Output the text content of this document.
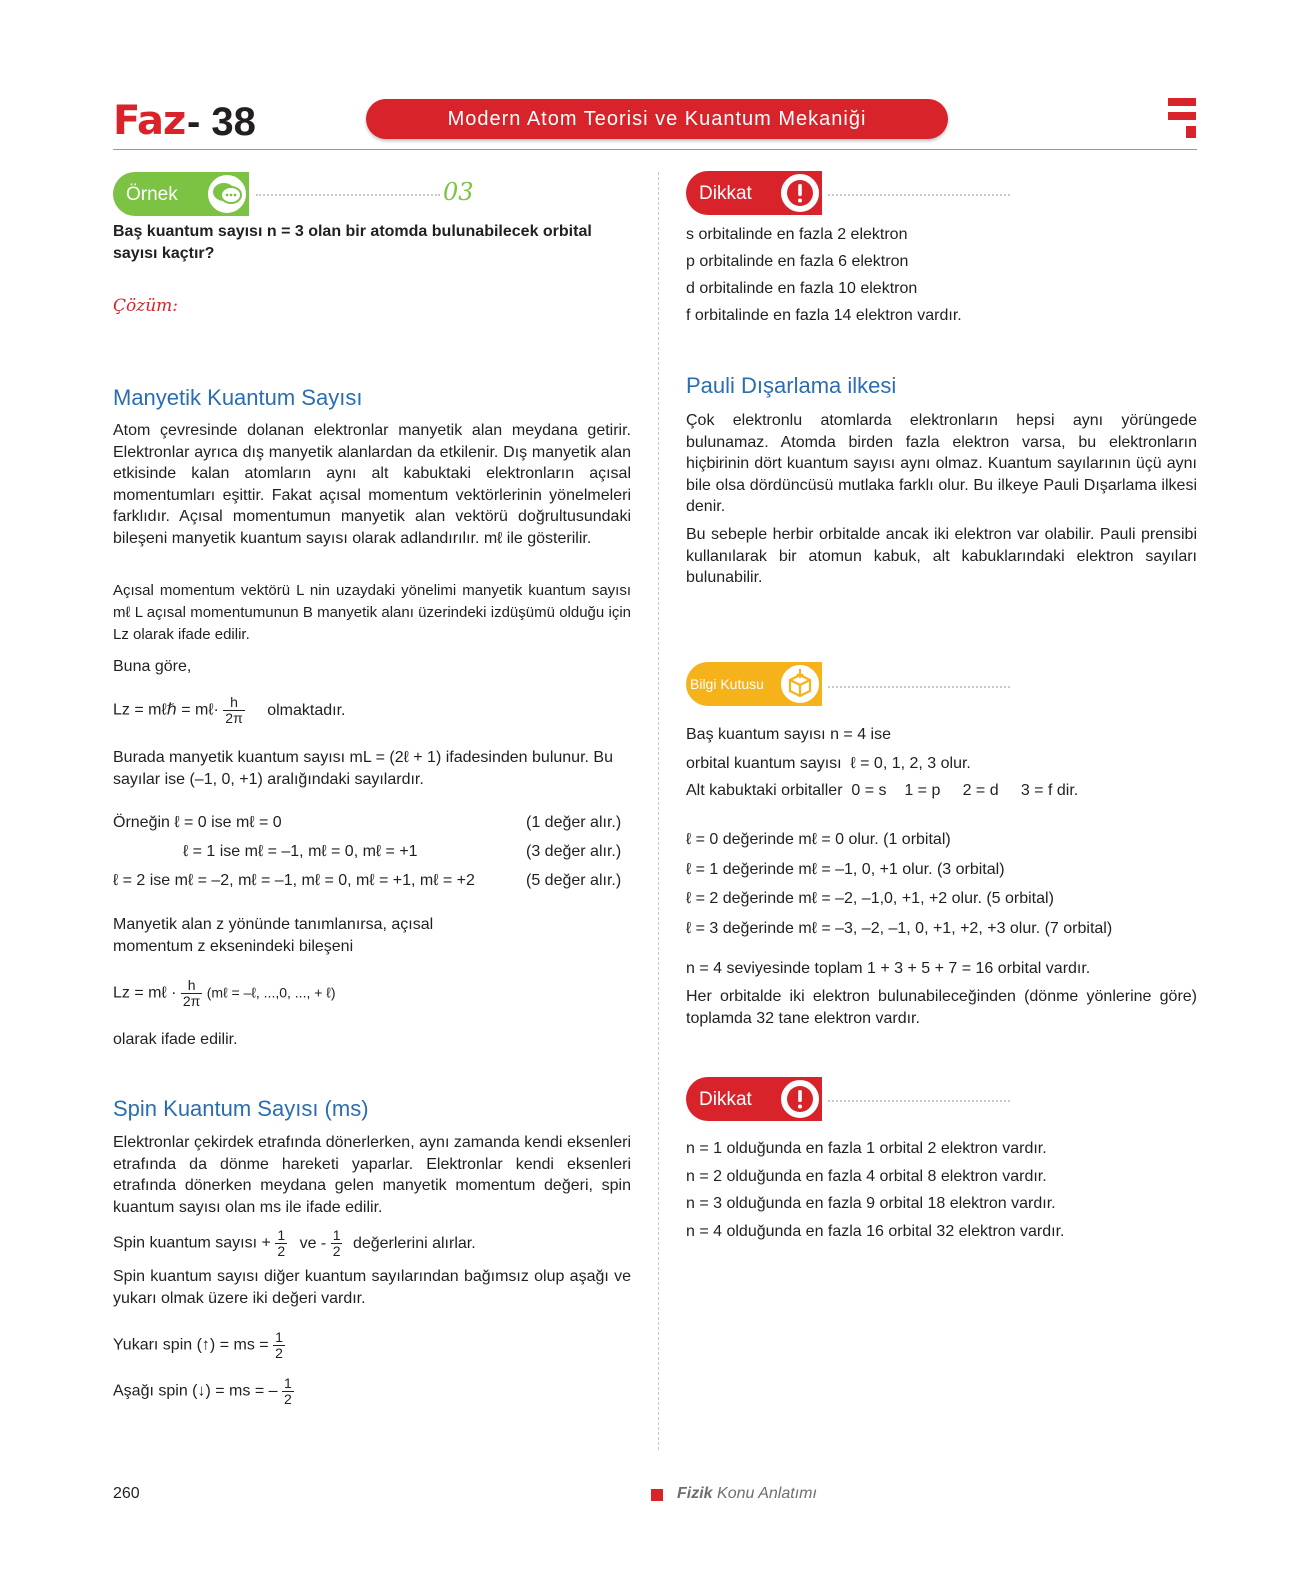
Faz - 38	Modern Atom Teorisi ve Kuantum Mekaniği
Örnek	03
Baş kuantum sayısı n = 3 olan bir atomda bulunabilecek orbital sayısı kaçtır?
Çözüm:
Manyetik Kuantum Sayısı
Atom çevresinde dolanan elektronlar manyetik alan meydana getirir. Elektronlar ayrıca dış manyetik alanlardan da etkilenir. Dış manyetik alan etkisinde kalan atomların aynı alt kabuktaki elektronların açısal momentumları eşittir. Fakat açısal momentum vektörlerinin yönelmeleri farklıdır. Açısal momentumun manyetik alan vektörü doğrultusundaki bileşeni manyetik kuantum sayısı olarak adlandırılır. mℓ ile gösterilir.
Açısal momentum vektörü L nin uzaydaki yönelimi manyetik kuantum sayısı mℓ L açısal momentumunun B manyetik alanı üzerindeki izdüşümü olduğu için Lz olarak ifade edilir.
Buna göre,
Lz = mℓℏ = mℓ· $\frac{h}{2\pi}$ olmaktadır.
Burada manyetik kuantum sayısı mL = (2ℓ + 1) ifadesinden bulunur. Bu sayılar ise (–1, 0, +1) aralığındaki sayılardır.
Örneğin ℓ = 0 ise mℓ = 0	(1 değer alır.)
ℓ = 1 ise mℓ = –1, mℓ = 0, mℓ = +1	(3 değer alır.)
ℓ = 2 ise mℓ = –2, mℓ = –1, mℓ = 0, mℓ = +1, mℓ = +2	(5 değer alır.)
Manyetik alan z yönünde tanımlanırsa, açısal momentum z eksenindeki bileşeni
Lz = mℓ · $\frac{h}{2\pi}$ (mℓ = –ℓ, ...,0, ..., + ℓ)
olarak ifade edilir.
Spin Kuantum Sayısı (ms)
Elektronlar çekirdek etrafında dönerlerken, aynı zamanda kendi eksenleri etrafında da dönme hareketi yaparlar. Elektronlar kendi eksenleri etrafında dönerken meydana gelen manyetik momentum değeri, spin kuantum sayısı olan ms ile ifade edilir.
Spin kuantum sayısı + $\frac{1}{2}$ ve - $\frac{1}{2}$ değerlerini alırlar.
Spin kuantum sayısı diğer kuantum sayılarından bağımsız olup aşağı ve yukarı olmak üzere iki değeri vardır.
Yukarı spin (↑) = ms = $\frac{1}{2}$
Aşağı spin (↓) = ms = – $\frac{1}{2}$
Dikkat
s orbitalinde en fazla 2 elektron
p orbitalinde en fazla 6 elektron
d orbitalinde en fazla 10 elektron
f orbitalinde en fazla 14 elektron vardır.
Pauli Dışarlama ilkesi
Çok elektronlu atomlarda elektronların hepsi aynı yörüngede bulunamaz. Atomda birden fazla elektron varsa, bu elektronların hiçbirinin dört kuantum sayısı aynı olmaz. Kuantum sayılarının üçü aynı bile olsa dördüncüsü mutlaka farklı olur. Bu ilkeye Pauli Dışarlama ilkesi denir.
Bu sebeple herbir orbitalde ancak iki elektron var olabilir. Pauli prensibi kullanılarak bir atomun kabuk, alt kabuklarındaki elektron sayıları bulunabilir.
Bilgi Kutusu
Baş kuantum sayısı n = 4 ise
orbital kuantum sayısı  ℓ = 0, 1, 2, 3 olur.
Alt kabuktaki orbitaller  0 = s    1 = p     2 = d     3 = f dir.
ℓ = 0 değerinde mℓ = 0 olur. (1 orbital)
ℓ = 1 değerinde mℓ = –1, 0, +1 olur. (3 orbital)
ℓ = 2 değerinde mℓ = –2, –1,0, +1, +2 olur. (5 orbital)
ℓ = 3 değerinde mℓ = –3, –2, –1, 0, +1, +2, +3 olur. (7 orbital)
n = 4 seviyesinde toplam 1 + 3 + 5 + 7 = 16 orbital vardır.
Her orbitalde iki elektron bulunabileceğinden (dönme yönlerine göre) toplamda 32 tane elektron vardır.
Dikkat
n = 1 olduğunda en fazla 1 orbital 2 elektron vardır.
n = 2 olduğunda en fazla 4 orbital 8 elektron vardır.
n = 3 olduğunda en fazla 9 orbital 18 elektron vardır.
n = 4 olduğunda en fazla 16 orbital 32 elektron vardır.
260	Fizik Konu Anlatımı
